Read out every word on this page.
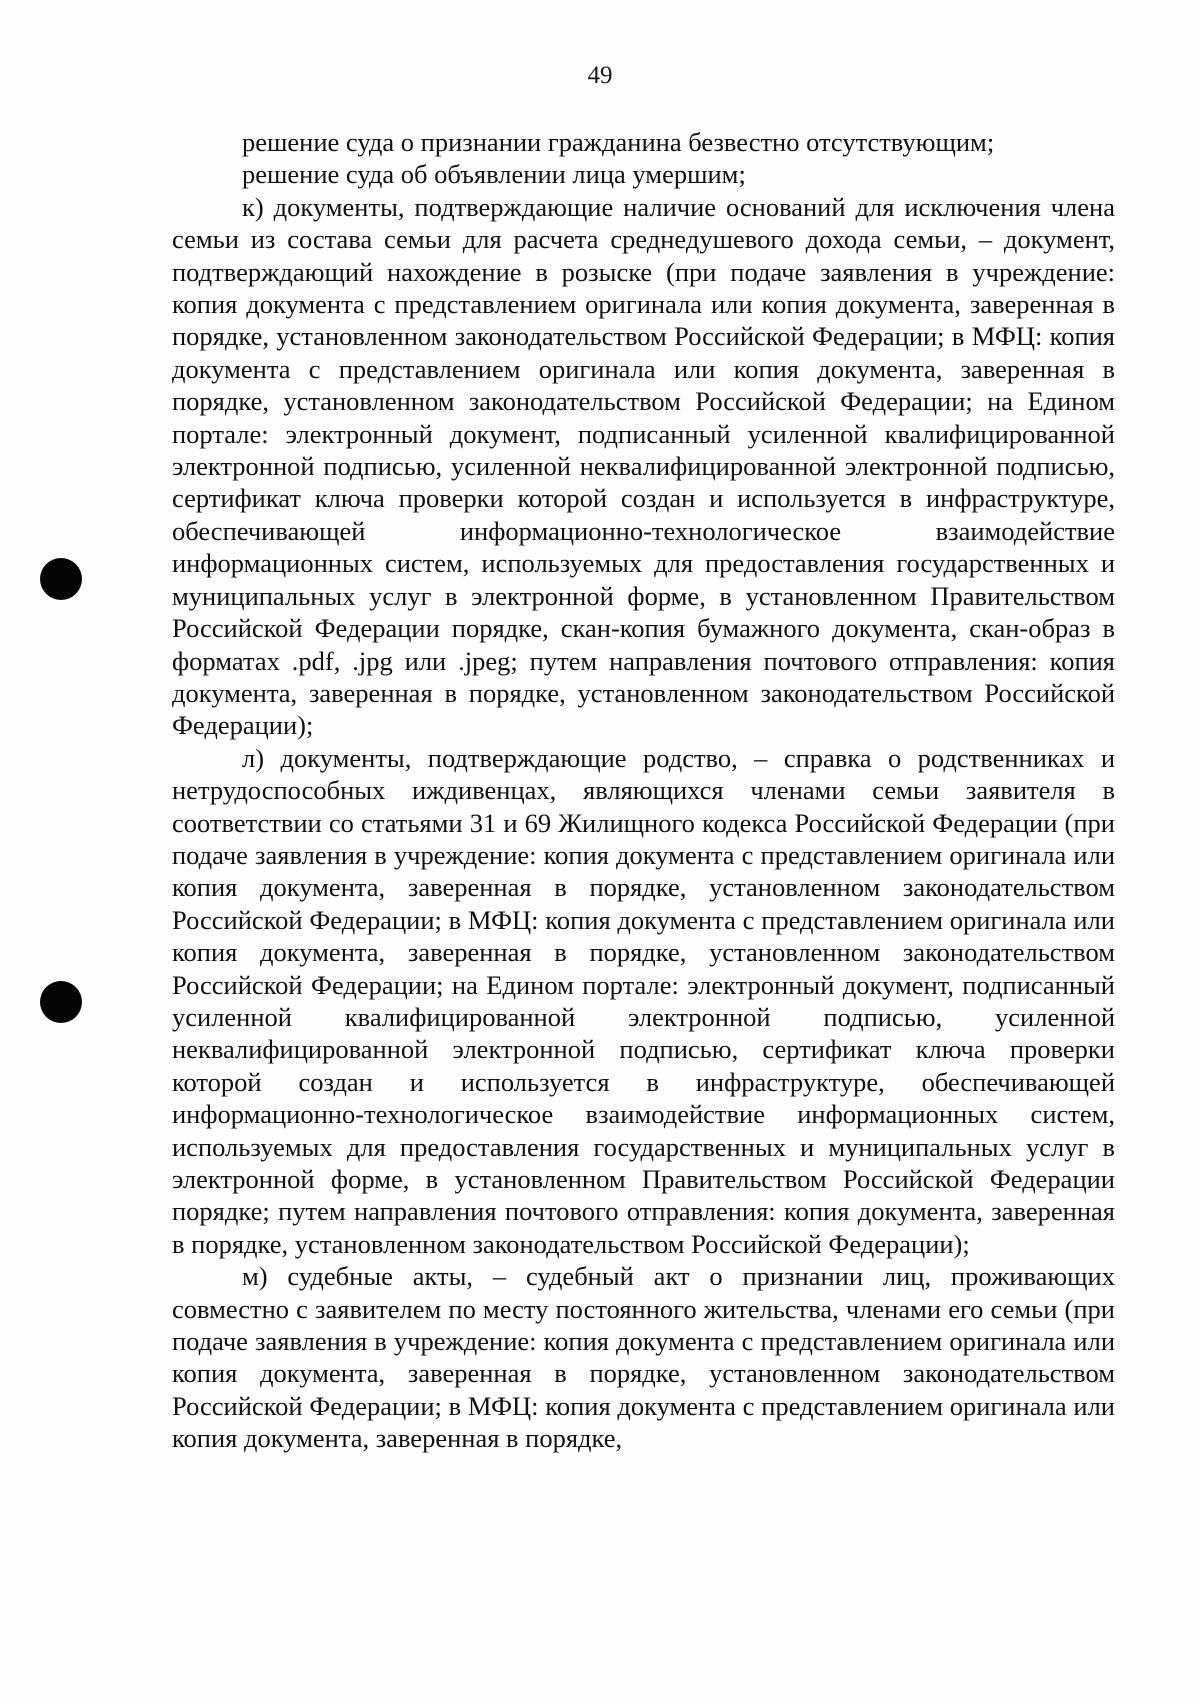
49

решение суда о признании гражданина безвестно отсутствующим;

решение суда об объявлении лица умершим;

к) документы, подтверждающие наличие оснований для исключения члена семьи из состава семьи для расчета среднедушевого дохода семьи, – документ, подтверждающий нахождение в розыске (при подаче заявления в учреждение: копия документа с представлением оригинала или копия документа, заверенная в порядке, установленном законодательством Российской Федерации; в МФЦ: копия документа с представлением оригинала или копия документа, заверенная в порядке, установленном законодательством Российской Федерации; на Едином портале: электронный документ, подписанный усиленной квалифицированной электронной подписью, усиленной неквалифицированной электронной подписью, сертификат ключа проверки которой создан и используется в инфраструктуре, обеспечивающей информационно-технологическое взаимодействие информационных систем, используемых для предоставления государственных и муниципальных услуг в электронной форме, в установленном Правительством Российской Федерации порядке, скан-копия бумажного документа, скан-образ в форматах .pdf, .jpg или .jpeg; путем направления почтового отправления: копия документа, заверенная в порядке, установленном законодательством Российской Федерации);

л) документы, подтверждающие родство, – справка о родственниках и нетрудоспособных иждивенцах, являющихся членами семьи заявителя в соответствии со статьями 31 и 69 Жилищного кодекса Российской Федерации (при подаче заявления в учреждение: копия документа с представлением оригинала или копия документа, заверенная в порядке, установленном законодательством Российской Федерации; в МФЦ: копия документа с представлением оригинала или копия документа, заверенная в порядке, установленном законодательством Российской Федерации; на Едином портале: электронный документ, подписанный усиленной квалифицированной электронной подписью, усиленной неквалифицированной электронной подписью, сертификат ключа проверки которой создан и используется в инфраструктуре, обеспечивающей информационно-технологическое взаимодействие информационных систем, используемых для предоставления государственных и муниципальных услуг в электронной форме, в установленном Правительством Российской Федерации порядке; путем направления почтового отправления: копия документа, заверенная в порядке, установленном законодательством Российской Федерации);

м) судебные акты, – судебный акт о признании лиц, проживающих совместно с заявителем по месту постоянного жительства, членами его семьи (при подаче заявления в учреждение: копия документа с представлением оригинала или копия документа, заверенная в порядке, установленном законодательством Российской Федерации; в МФЦ: копия документа с представлением оригинала или копия документа, заверенная в порядке,
